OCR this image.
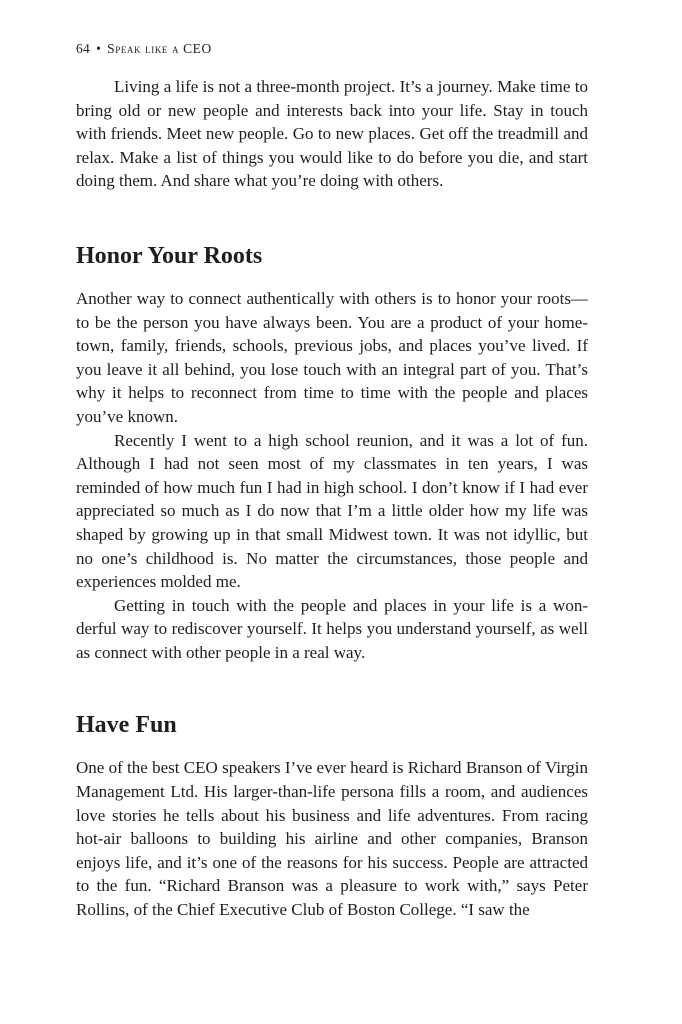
64 • Speak like a CEO

Living a life is not a three-month project. It’s a journey. Make time to bring old or new people and interests back into your life. Stay in touch with friends. Meet new people. Go to new places. Get off the treadmill and relax. Make a list of things you would like to do before you die, and start doing them. And share what you’re doing with others.

Honor Your Roots

Another way to connect authentically with others is to honor your roots—to be the person you have always been. You are a product of your hometown, family, friends, schools, previous jobs, and places you’ve lived. If you leave it all behind, you lose touch with an integral part of you. That’s why it helps to reconnect from time to time with the people and places you’ve known.

Recently I went to a high school reunion, and it was a lot of fun. Although I had not seen most of my classmates in ten years, I was reminded of how much fun I had in high school. I don’t know if I had ever appreciated so much as I do now that I’m a little older how my life was shaped by growing up in that small Midwest town. It was not idyllic, but no one’s childhood is. No matter the circumstances, those people and experiences molded me.

Getting in touch with the people and places in your life is a wonderful way to rediscover yourself. It helps you understand yourself, as well as connect with other people in a real way.

Have Fun

One of the best CEO speakers I’ve ever heard is Richard Branson of Virgin Management Ltd. His larger-than-life persona fills a room, and audiences love stories he tells about his business and life adventures. From racing hot-air balloons to building his airline and other companies, Branson enjoys life, and it’s one of the reasons for his success. People are attracted to the fun. “Richard Branson was a pleasure to work with,” says Peter Rollins, of the Chief Executive Club of Boston College. “I saw the
